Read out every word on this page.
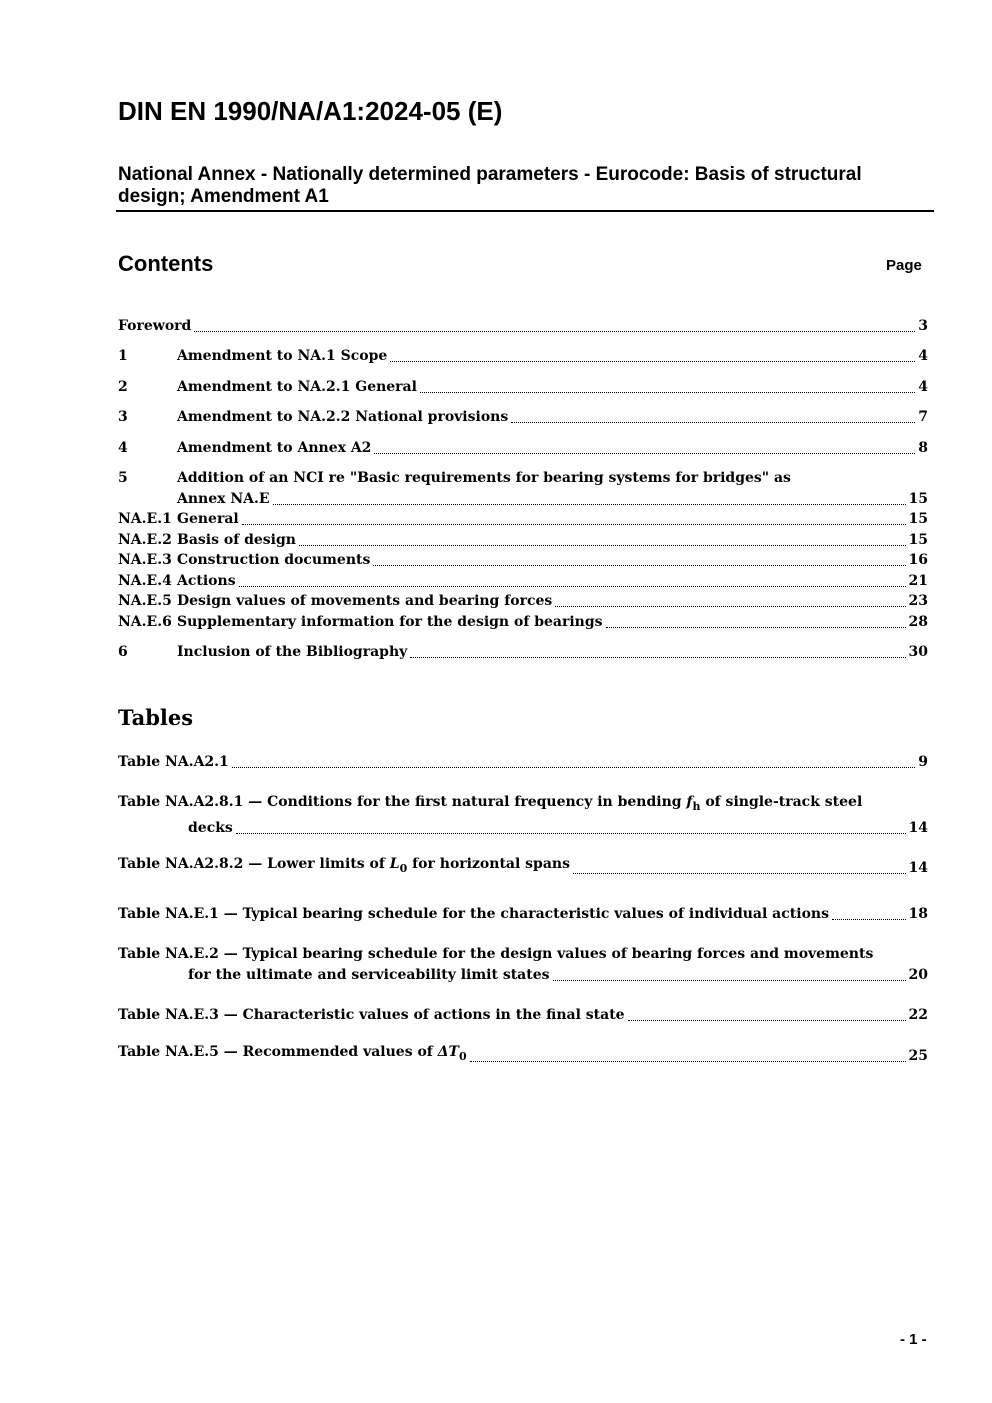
DIN EN 1990/NA/A1:2024-05 (E)
National Annex - Nationally determined parameters - Eurocode: Basis of structural design; Amendment A1
Contents	Page
Foreword	3
1	Amendment to NA.1 Scope	4
2	Amendment to NA.2.1 General	4
3	Amendment to NA.2.2 National provisions	7
4	Amendment to Annex A2	8
5	Addition of an NCI re "Basic requirements for bearing systems for bridges" as
Annex NA.E	15
NA.E.1 General	15
NA.E.2 Basis of design	15
NA.E.3 Construction documents	16
NA.E.4 Actions	21
NA.E.5 Design values of movements and bearing forces	23
NA.E.6 Supplementary information for the design of bearings	28
6	Inclusion of the Bibliography	30
Tables
Table NA.A2.1	9
Table NA.A2.8.1 — Conditions for the first natural frequency in bending $f_h$ of single-track steel
decks	14
Table NA.A2.8.2 — Lower limits of $L_0$ for horizontal spans	14
Table NA.E.1 — Typical bearing schedule for the characteristic values of individual actions	18
Table NA.E.2 — Typical bearing schedule for the design values of bearing forces and movements
for the ultimate and serviceability limit states	20
Table NA.E.3 — Characteristic values of actions in the final state	22
Table NA.E.5 — Recommended values of $\Delta T_0$	25
- 1 -
